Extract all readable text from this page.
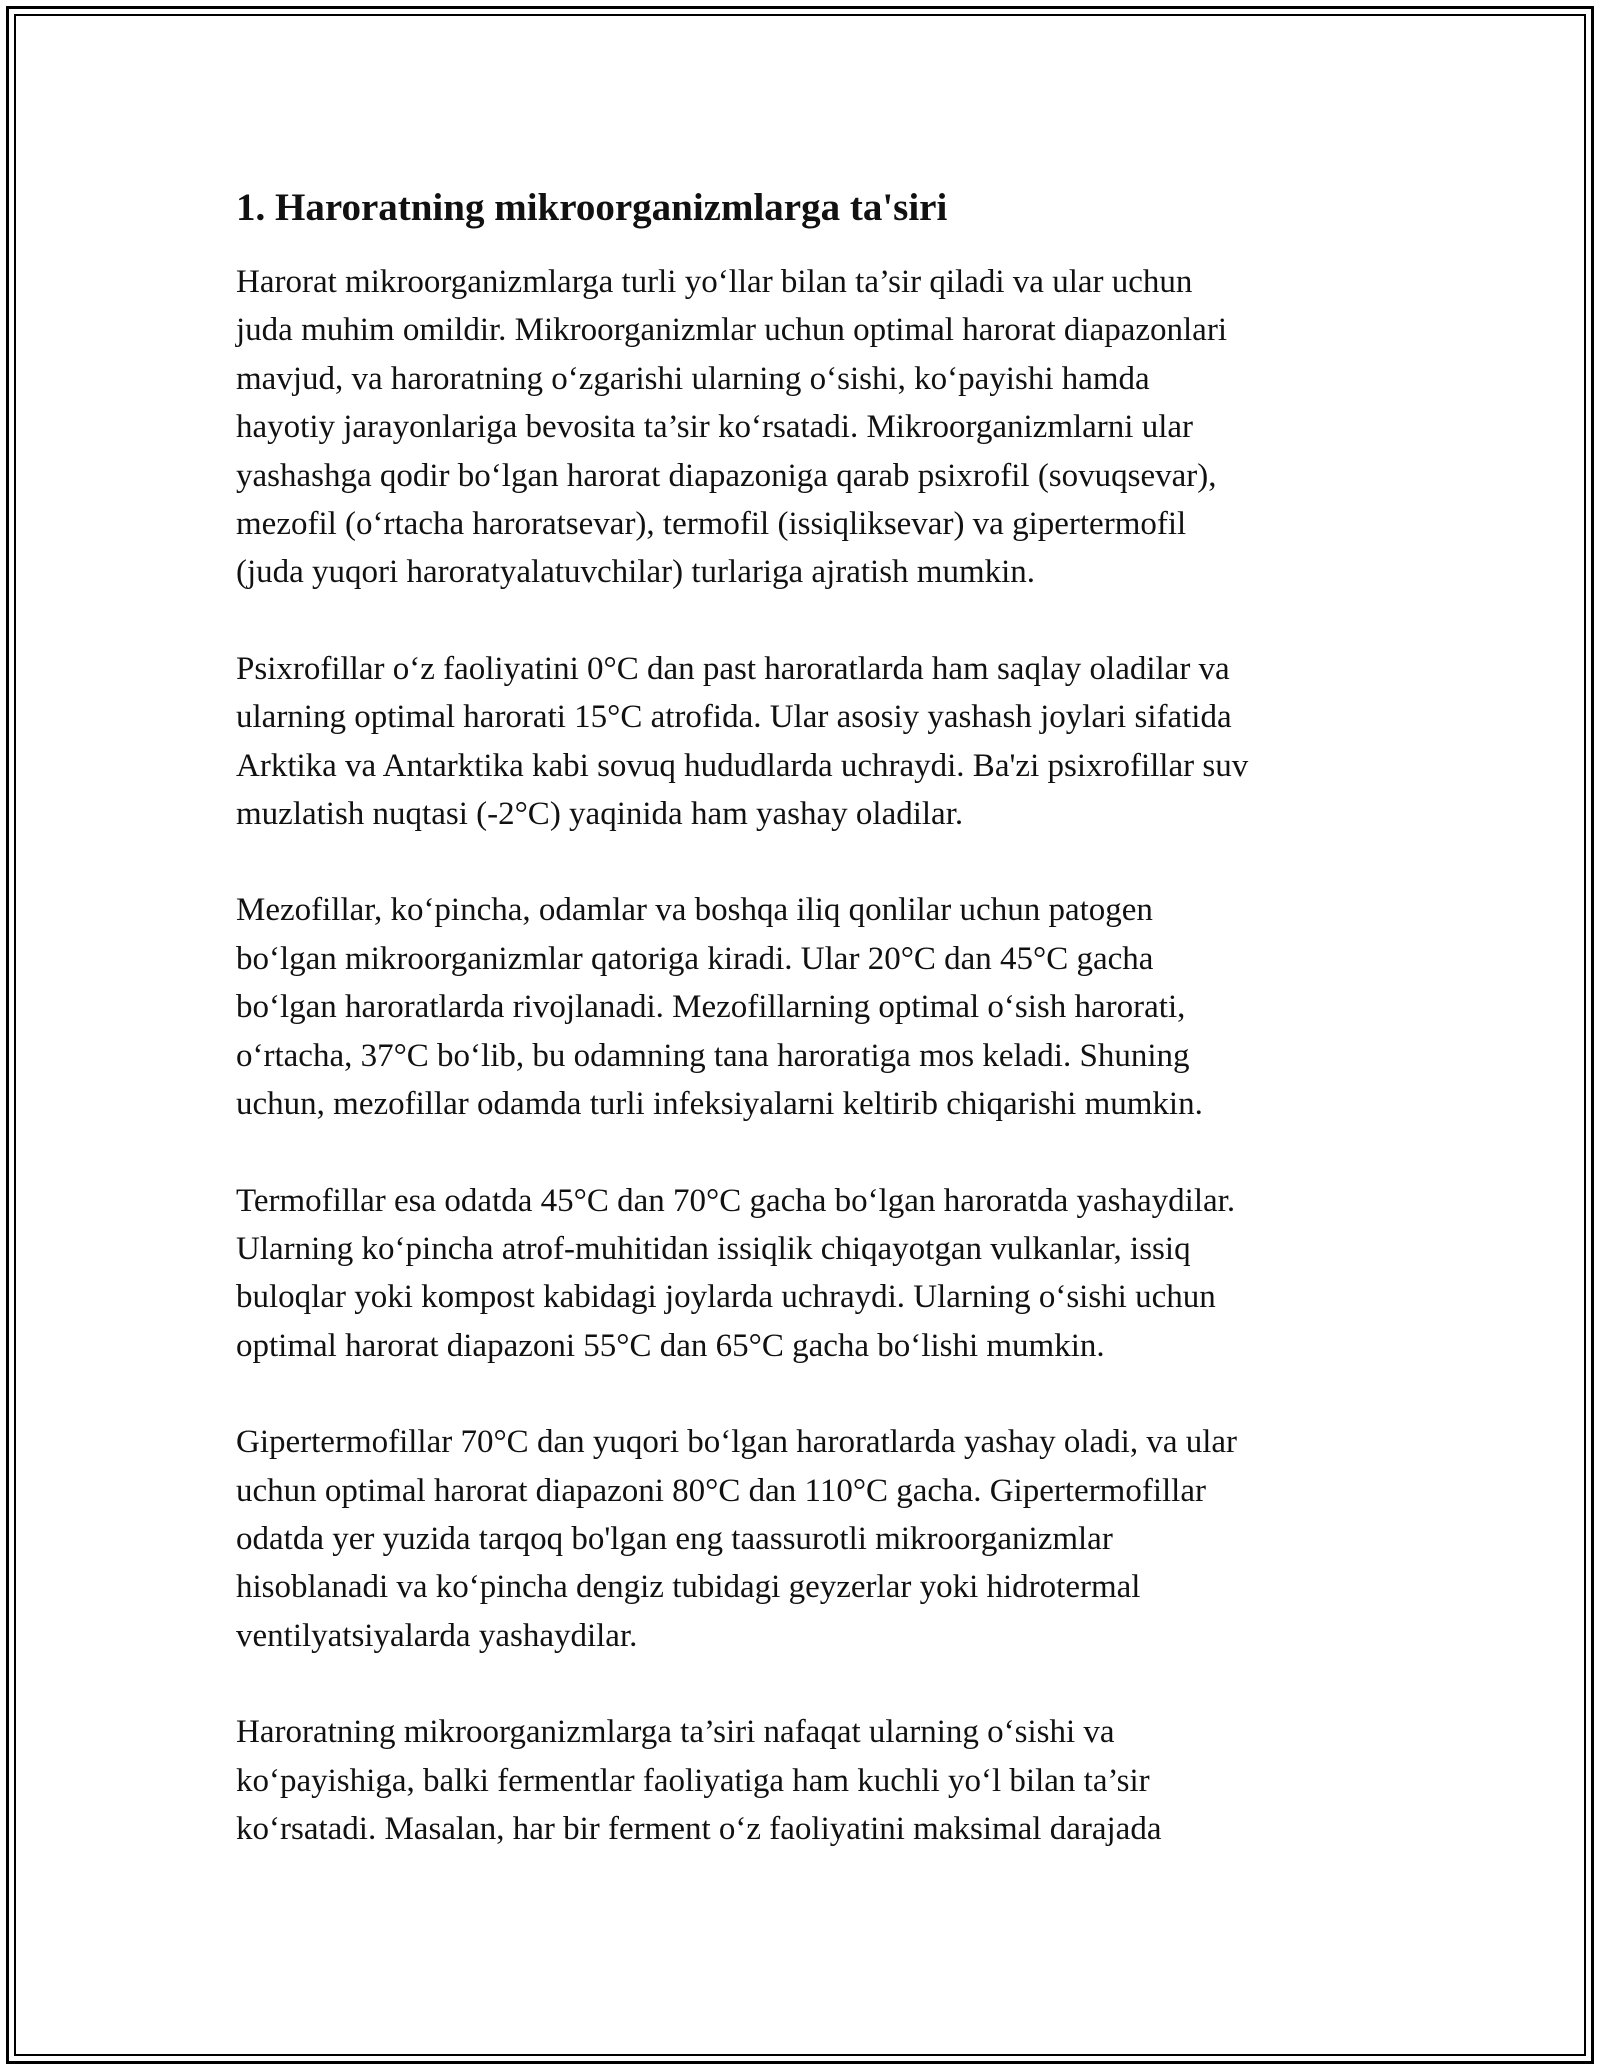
1. Haroratning mikroorganizmlarga ta'siri

Harorat mikroorganizmlarga turli yo‘llar bilan ta’sir qiladi va ular uchun
juda muhim omildir. Mikroorganizmlar uchun optimal harorat diapazonlari
mavjud, va haroratning o‘zgarishi ularning o‘sishi, ko‘payishi hamda
hayotiy jarayonlariga bevosita ta’sir ko‘rsatadi. Mikroorganizmlarni ular
yashashga qodir bo‘lgan harorat diapazoniga qarab psixrofil (sovuqsevar),
mezofil (o‘rtacha haroratsevar), termofil (issiqliksevar) va gipertermofil
(juda yuqori haroratyalatuvchilar) turlariga ajratish mumkin.

Psixrofillar o‘z faoliyatini 0°C dan past haroratlarda ham saqlay oladilar va
ularning optimal harorati 15°C atrofida. Ular asosiy yashash joylari sifatida
Arktika va Antarktika kabi sovuq hududlarda uchraydi. Ba'zi psixrofillar suv
muzlatish nuqtasi (-2°C) yaqinida ham yashay oladilar.

Mezofillar, ko‘pincha, odamlar va boshqa iliq qonlilar uchun patogen
bo‘lgan mikroorganizmlar qatoriga kiradi. Ular 20°C dan 45°C gacha
bo‘lgan haroratlarda rivojlanadi. Mezofillarning optimal o‘sish harorati,
o‘rtacha, 37°C bo‘lib, bu odamning tana haroratiga mos keladi. Shuning
uchun, mezofillar odamda turli infeksiyalarni keltirib chiqarishi mumkin.

Termofillar esa odatda 45°C dan 70°C gacha bo‘lgan haroratda yashaydilar.
Ularning ko‘pincha atrof-muhitidan issiqlik chiqayotgan vulkanlar, issiq
buloqlar yoki kompost kabidagi joylarda uchraydi. Ularning o‘sishi uchun
optimal harorat diapazoni 55°C dan 65°C gacha bo‘lishi mumkin.

Gipertermofillar 70°C dan yuqori bo‘lgan haroratlarda yashay oladi, va ular
uchun optimal harorat diapazoni 80°C dan 110°C gacha. Gipertermofillar
odatda yer yuzida tarqoq bo'lgan eng taassurotli mikroorganizmlar
hisoblanadi va ko‘pincha dengiz tubidagi geyzerlar yoki hidrotermal
ventilyatsiyalarda yashaydilar.

Haroratning mikroorganizmlarga ta’siri nafaqat ularning o‘sishi va
ko‘payishiga, balki fermentlar faoliyatiga ham kuchli yo‘l bilan ta’sir
ko‘rsatadi. Masalan, har bir ferment o‘z faoliyatini maksimal darajada
